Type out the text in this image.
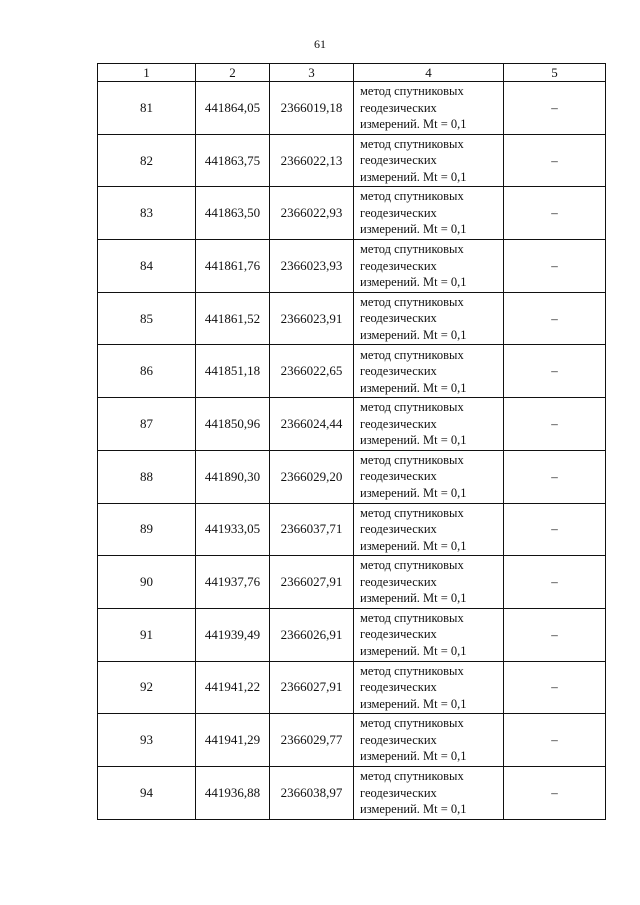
61
1	2	3	4	5
81	441864,05	2366019,18	метод спутниковых
геодезических
измерений. Mt = 0,1	–
82	441863,75	2366022,13	метод спутниковых
геодезических
измерений. Mt = 0,1	–
83	441863,50	2366022,93	метод спутниковых
геодезических
измерений. Mt = 0,1	–
84	441861,76	2366023,93	метод спутниковых
геодезических
измерений. Mt = 0,1	–
85	441861,52	2366023,91	метод спутниковых
геодезических
измерений. Mt = 0,1	–
86	441851,18	2366022,65	метод спутниковых
геодезических
измерений. Mt = 0,1	–
87	441850,96	2366024,44	метод спутниковых
геодезических
измерений. Mt = 0,1	–
88	441890,30	2366029,20	метод спутниковых
геодезических
измерений. Mt = 0,1	–
89	441933,05	2366037,71	метод спутниковых
геодезических
измерений. Mt = 0,1	–
90	441937,76	2366027,91	метод спутниковых
геодезических
измерений. Mt = 0,1	–
91	441939,49	2366026,91	метод спутниковых
геодезических
измерений. Mt = 0,1	–
92	441941,22	2366027,91	метод спутниковых
геодезических
измерений. Mt = 0,1	–
93	441941,29	2366029,77	метод спутниковых
геодезических
измерений. Mt = 0,1	–
94	441936,88	2366038,97	метод спутниковых
геодезических
измерений. Mt = 0,1	–
